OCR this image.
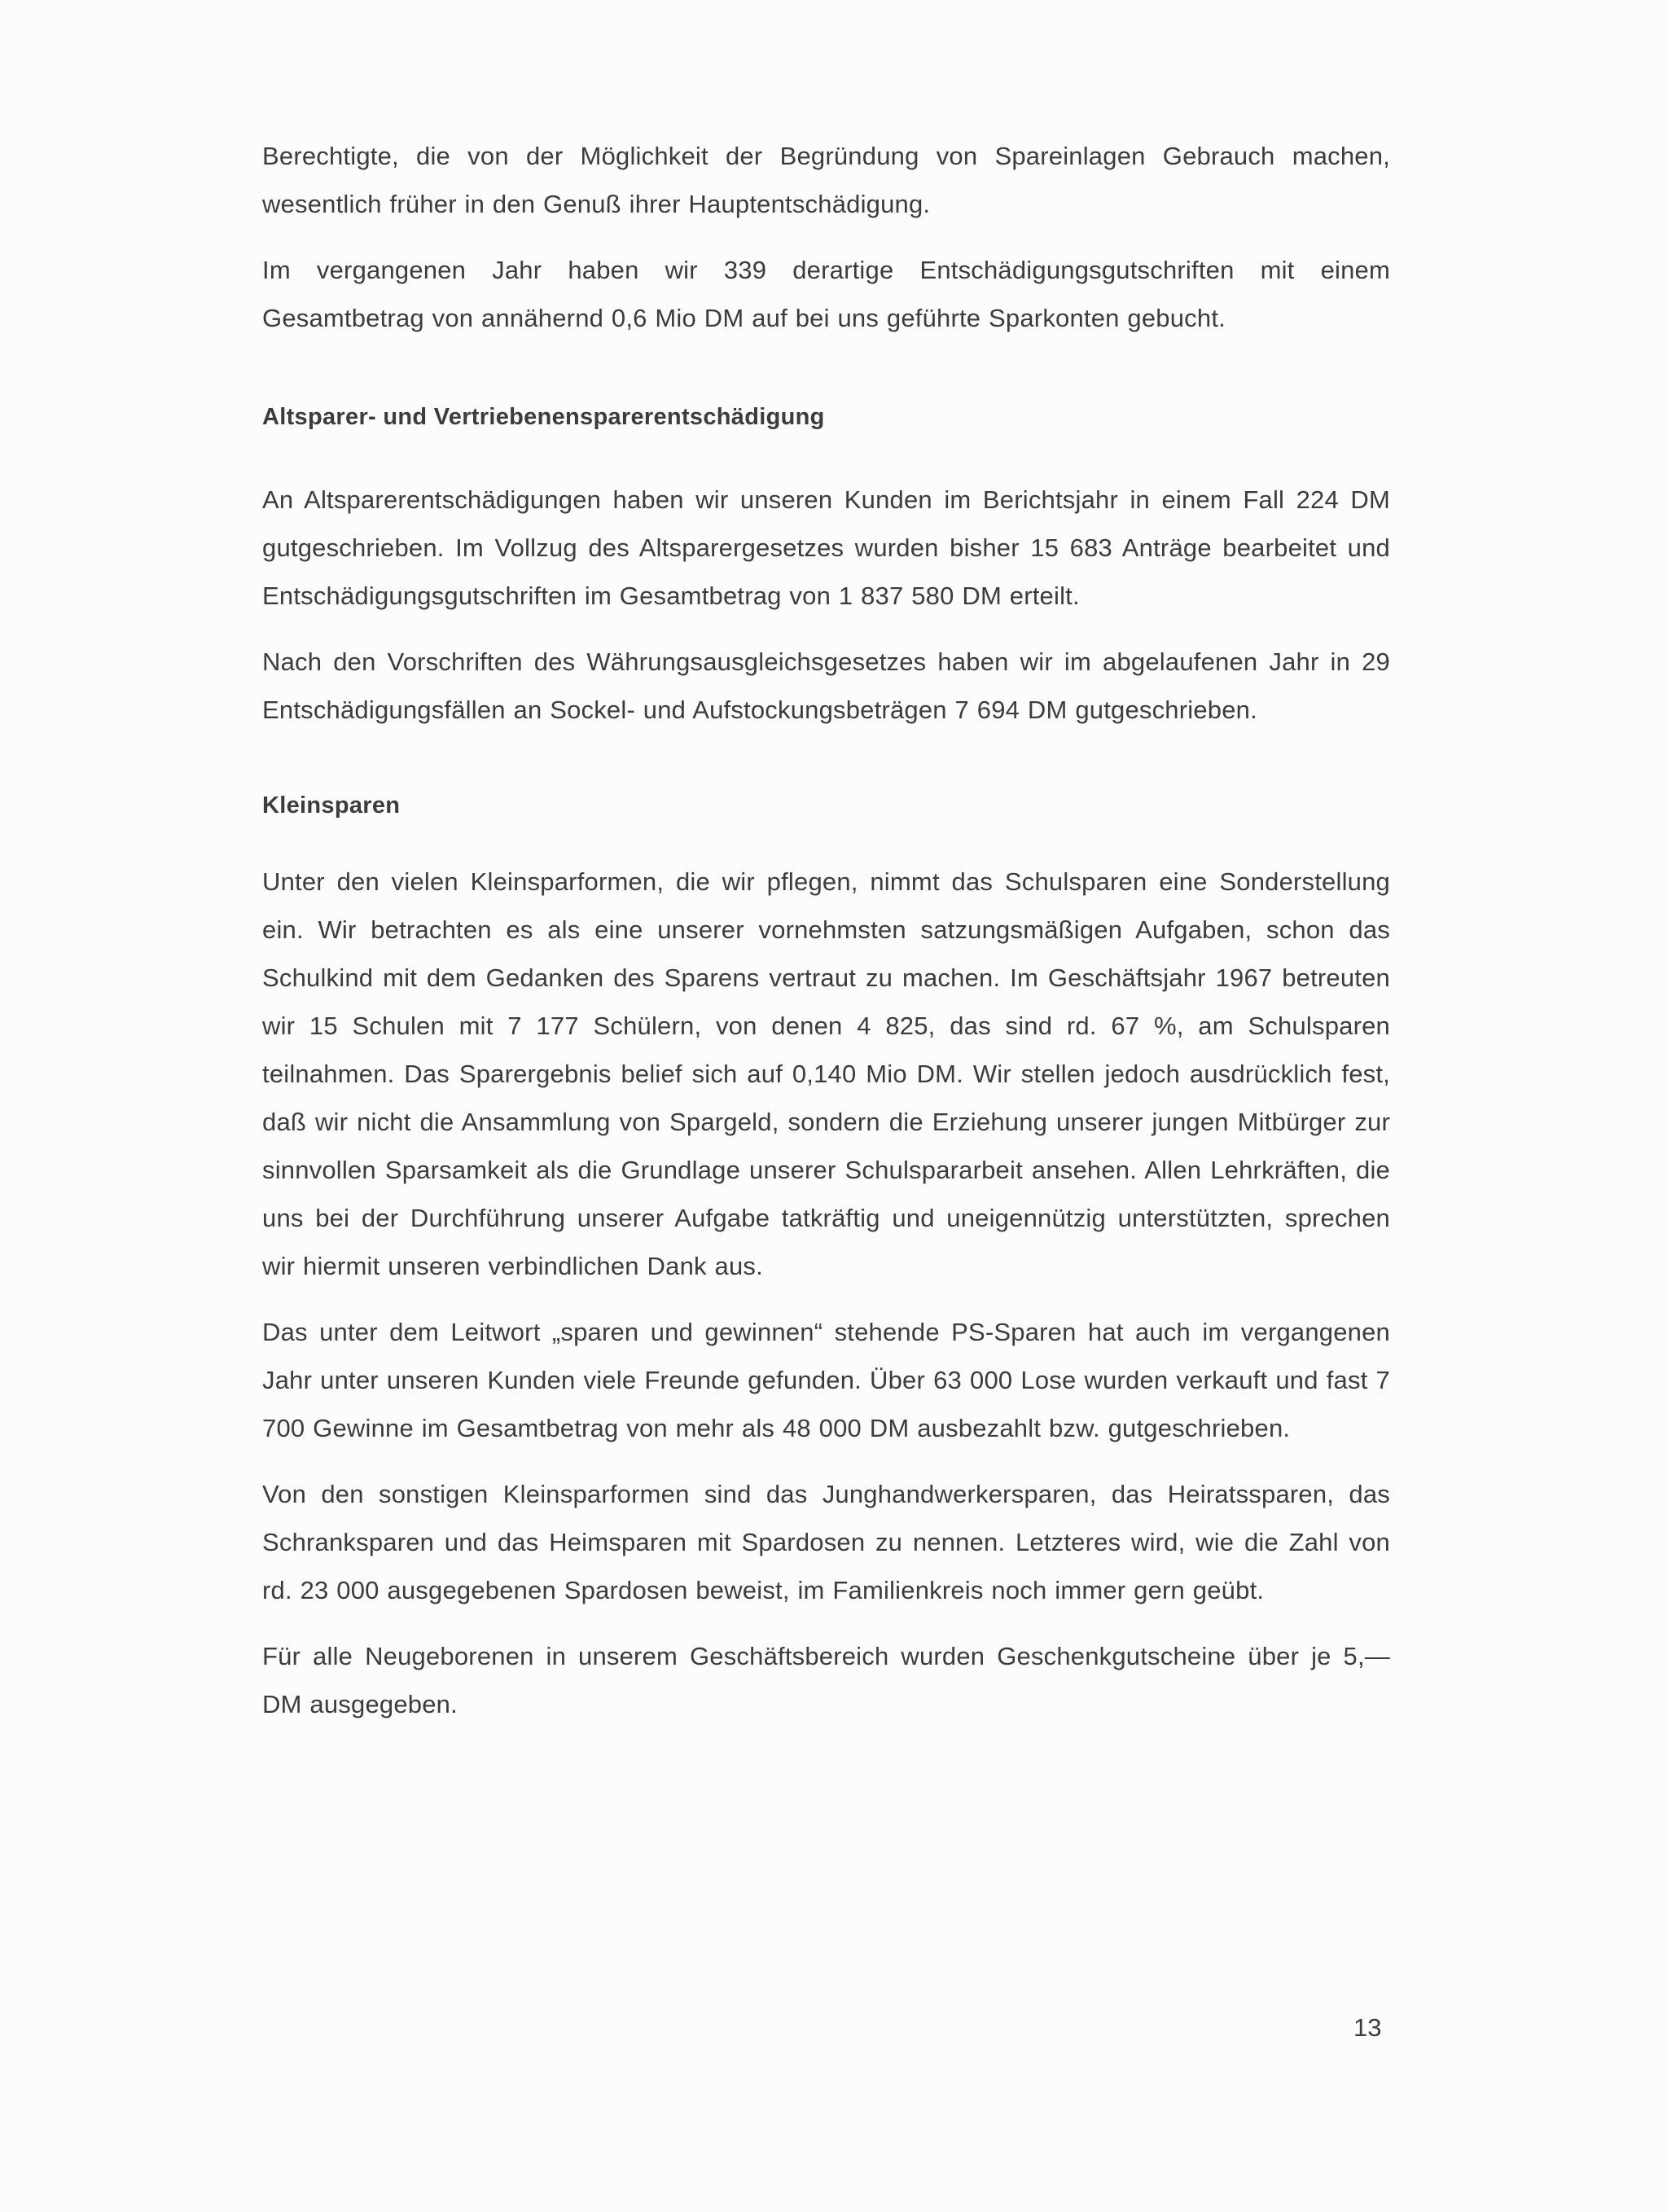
Berechtigte, die von der Möglichkeit der Begründung von Spareinlagen Gebrauch machen, wesentlich früher in den Genuß ihrer Hauptentschädigung.

Im vergangenen Jahr haben wir 339 derartige Entschädigungsgutschriften mit einem Gesamtbetrag von annähernd 0,6 Mio DM auf bei uns geführte Sparkonten gebucht.

Altsparer- und Vertriebenensparerentschädigung

An Altsparerentschädigungen haben wir unseren Kunden im Berichtsjahr in einem Fall 224 DM gutgeschrieben. Im Vollzug des Altsparergesetzes wurden bisher 15 683 Anträge bearbeitet und Entschädigungsgutschriften im Gesamtbetrag von 1 837 580 DM erteilt.

Nach den Vorschriften des Währungsausgleichsgesetzes haben wir im abgelaufenen Jahr in 29 Entschädigungsfällen an Sockel- und Aufstockungsbeträgen 7 694 DM gutgeschrieben.

Kleinsparen

Unter den vielen Kleinsparformen, die wir pflegen, nimmt das Schulsparen eine Sonderstellung ein. Wir betrachten es als eine unserer vornehmsten satzungsmäßigen Aufgaben, schon das Schulkind mit dem Gedanken des Sparens vertraut zu machen. Im Geschäftsjahr 1967 betreuten wir 15 Schulen mit 7 177 Schülern, von denen 4 825, das sind rd. 67 %, am Schulsparen teilnahmen. Das Sparergebnis belief sich auf 0,140 Mio DM. Wir stellen jedoch ausdrücklich fest, daß wir nicht die Ansammlung von Spargeld, sondern die Erziehung unserer jungen Mitbürger zur sinnvollen Sparsamkeit als die Grundlage unserer Schulspararbeit ansehen. Allen Lehrkräften, die uns bei der Durchführung unserer Aufgabe tatkräftig und uneigennützig unterstützten, sprechen wir hiermit unseren verbindlichen Dank aus.

Das unter dem Leitwort „sparen und gewinnen“ stehende PS-Sparen hat auch im vergangenen Jahr unter unseren Kunden viele Freunde gefunden. Über 63 000 Lose wurden verkauft und fast 7 700 Gewinne im Gesamtbetrag von mehr als 48 000 DM ausbezahlt bzw. gutgeschrieben.

Von den sonstigen Kleinsparformen sind das Junghandwerkersparen, das Heiratssparen, das Schranksparen und das Heimsparen mit Spardosen zu nennen. Letzteres wird, wie die Zahl von rd. 23 000 ausgegebenen Spardosen beweist, im Familienkreis noch immer gern geübt.

Für alle Neugeborenen in unserem Geschäftsbereich wurden Geschenkgutscheine über je 5,— DM ausgegeben.

13
